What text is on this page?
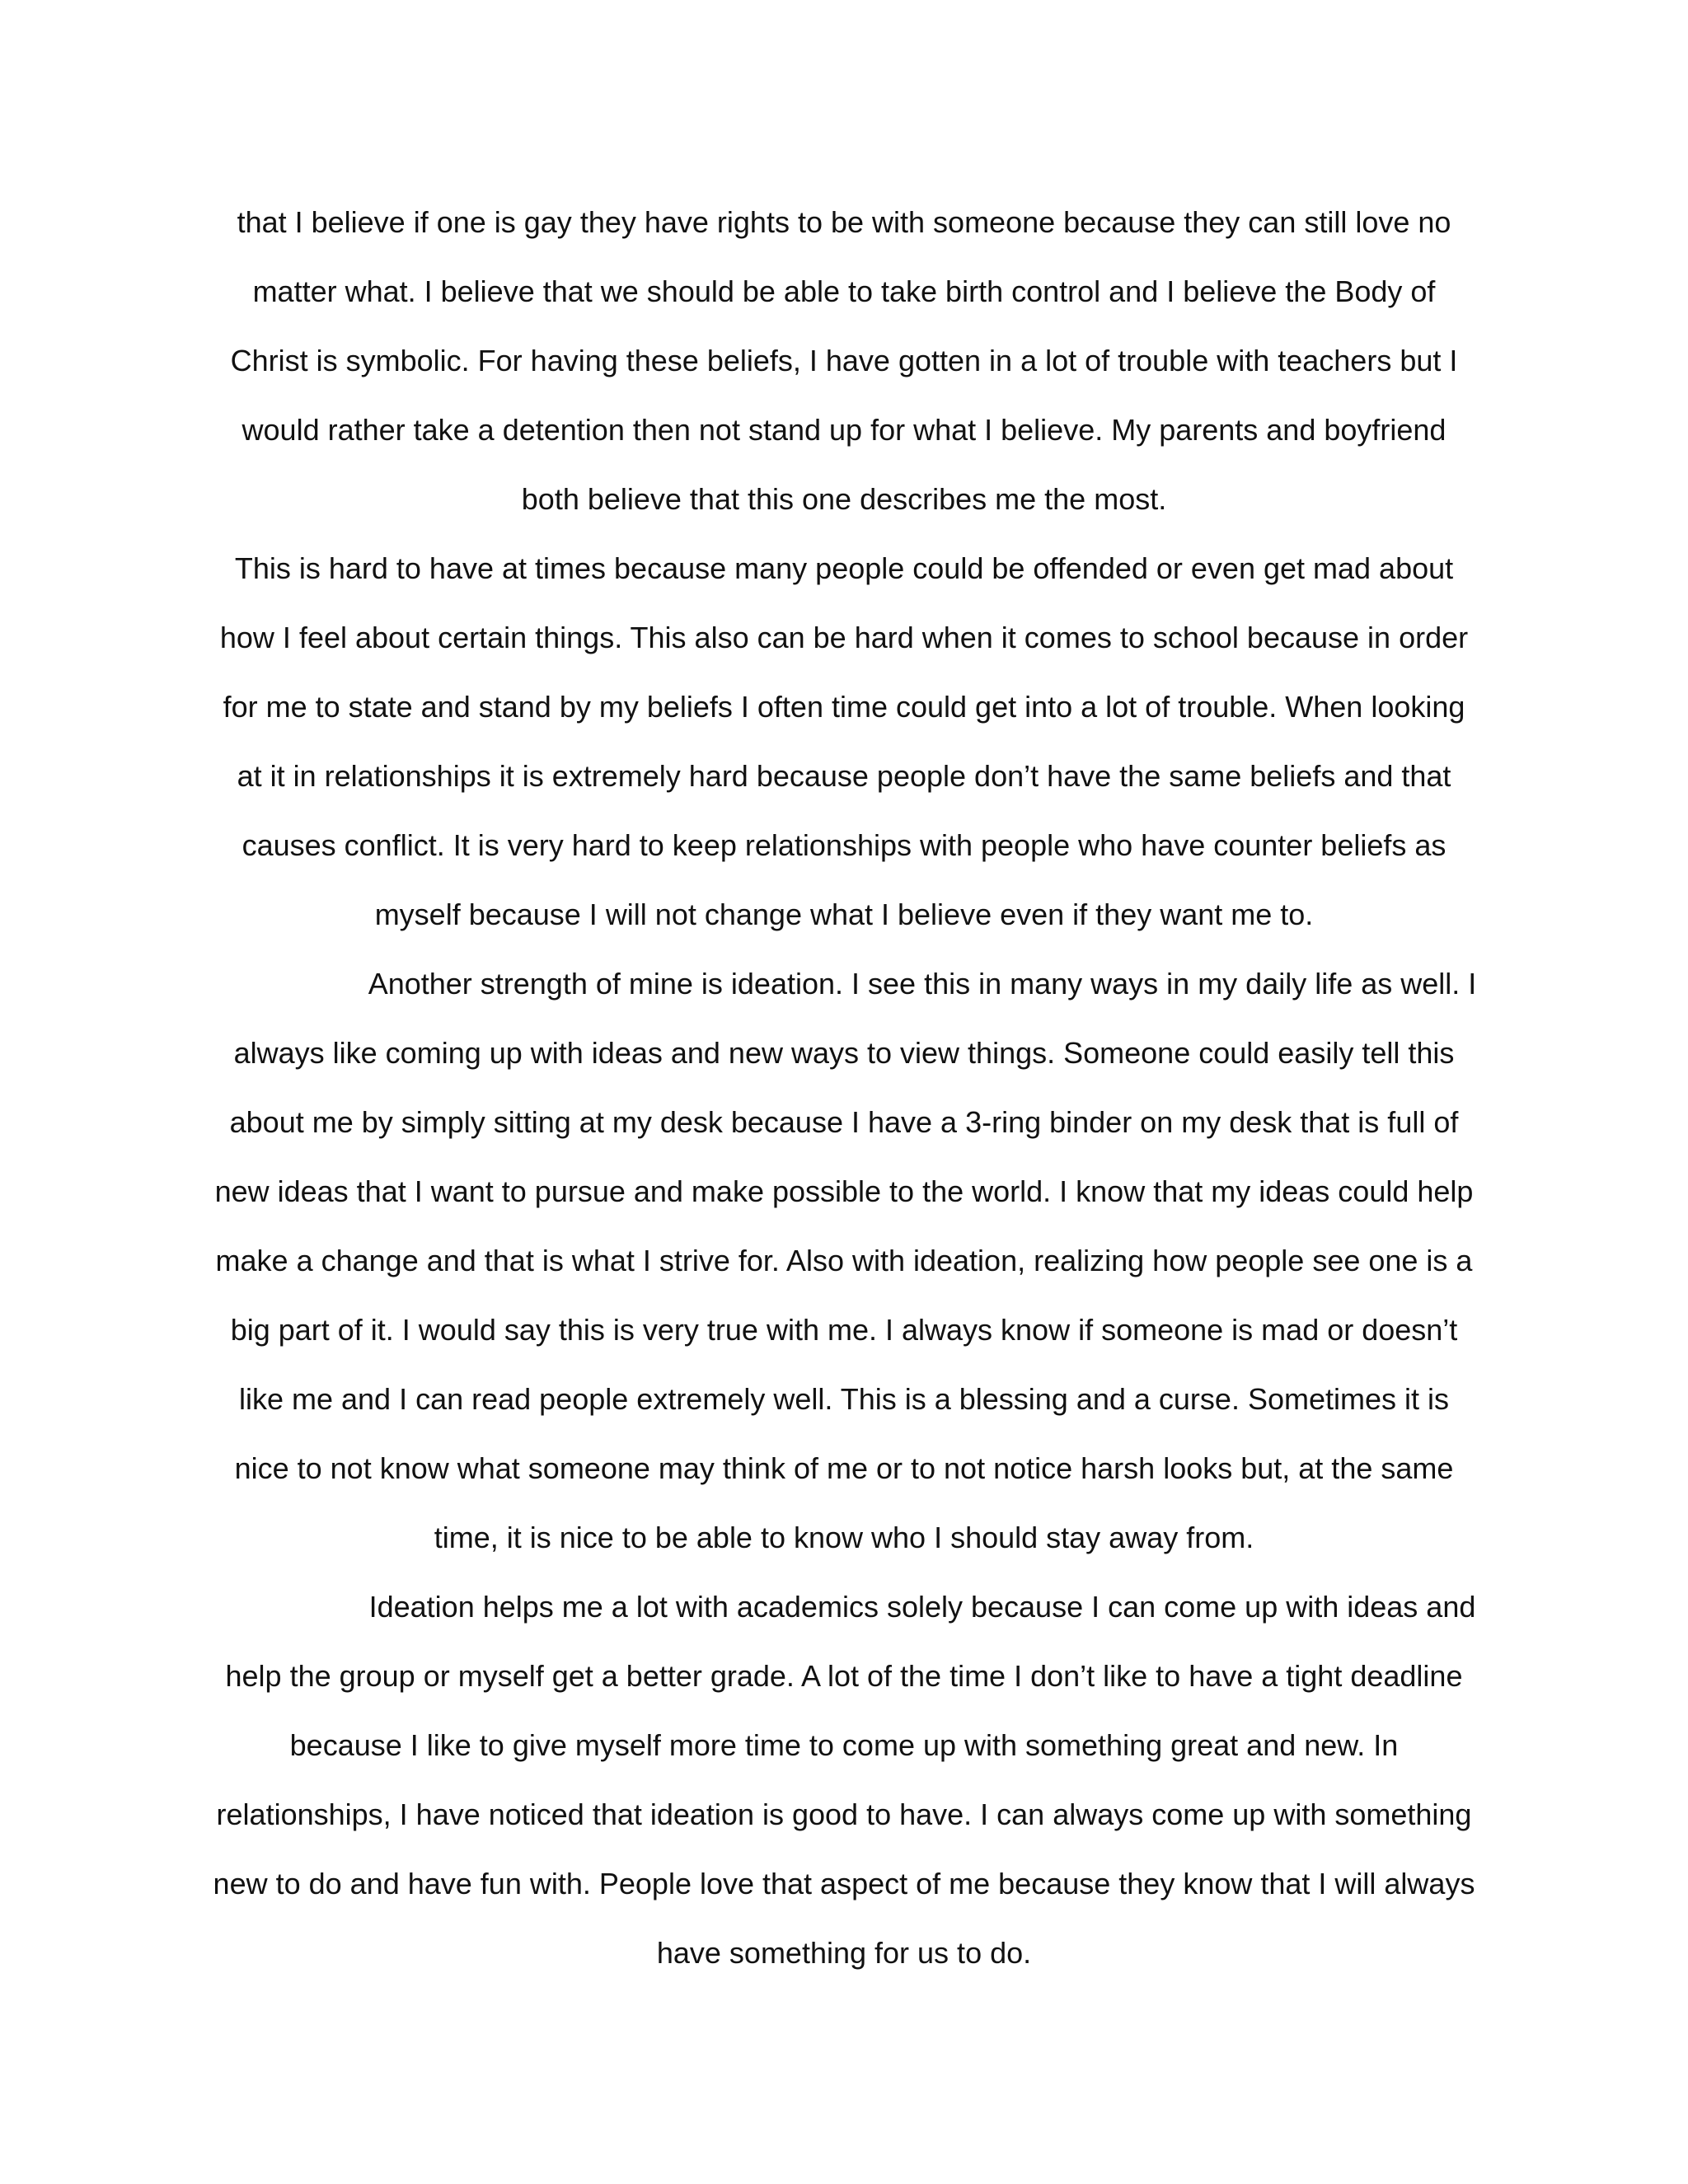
that I believe if one is gay they have rights to be with someone because they can still love no
matter what. I believe that we should be able to take birth control and I believe the Body of
Christ is symbolic. For having these beliefs, I have gotten in a lot of trouble with teachers but I
would rather take a detention then not stand up for what I believe. My parents and boyfriend
both believe that this one describes me the most.
This is hard to have at times because many people could be offended or even get mad about
how I feel about certain things. This also can be hard when it comes to school because in order
for me to state and stand by my beliefs I often time could get into a lot of trouble. When looking
at it in relationships it is extremely hard because people don’t have the same beliefs and that
causes conflict. It is very hard to keep relationships with people who have counter beliefs as
myself because I will not change what I believe even if they want me to.
Another strength of mine is ideation. I see this in many ways in my daily life as well. I
always like coming up with ideas and new ways to view things. Someone could easily tell this
about me by simply sitting at my desk because I have a 3-ring binder on my desk that is full of
new ideas that I want to pursue and make possible to the world. I know that my ideas could help
make a change and that is what I strive for. Also with ideation, realizing how people see one is a
big part of it. I would say this is very true with me. I always know if someone is mad or doesn’t
like me and I can read people extremely well. This is a blessing and a curse. Sometimes it is
nice to not know what someone may think of me or to not notice harsh looks but, at the same
time, it is nice to be able to know who I should stay away from.
Ideation helps me a lot with academics solely because I can come up with ideas and
help the group or myself get a better grade. A lot of the time I don’t like to have a tight deadline
because I like to give myself more time to come up with something great and new. In
relationships, I have noticed that ideation is good to have. I can always come up with something
new to do and have fun with. People love that aspect of me because they know that I will always
have something for us to do.
